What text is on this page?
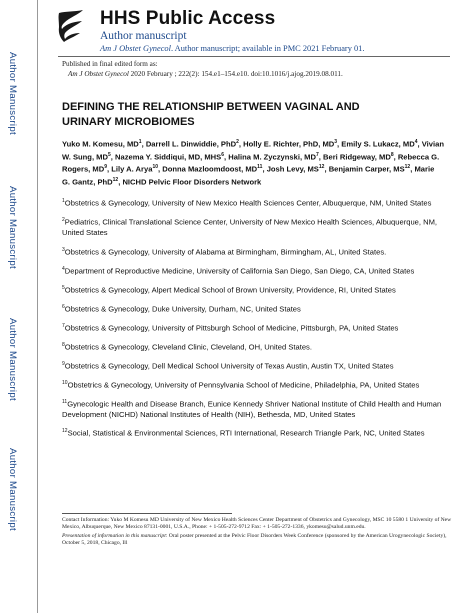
HHS Public Access
Author manuscript
Am J Obstet Gynecol. Author manuscript; available in PMC 2021 February 01.
Published in final edited form as:
Am J Obstet Gynecol 2020 February ; 222(2): 154.e1–154.e10. doi:10.1016/j.ajog.2019.08.011.
Author Manuscript
Author Manuscript
Author Manuscript
Author Manuscript
DEFINING THE RELATIONSHIP BETWEEN VAGINAL AND URINARY MICROBIOMES
Yuko M. Komesu, $MD^1$, Darrell L. Dinwiddie, PhD$^2$, Holly E. Richter, PhD, $MD^3$, Emily S. Lukacz, $MD^4$, Vivian W. Sung, $MD^5$, Nazema Y. Siddiqui, MD, MHS$^6$, Halina M. Zyczynski, $MD^7$, Beri Ridgeway, $MD^8$, Rebecca G. Rogers, $MD^9$, Lily A. Arya$^{10}$, Donna Mazloomdoost, MD$^{11}$, Josh Levy, MS$^{12}$, Benjamin Carper, MS$^{12}$, Marie G. Gantz, PhD$^{12}$, NICHD Pelvic Floor Disorders Network
$^1$Obstetrics & Gynecology, University of New Mexico Health Sciences Center, Albuquerque, NM, United States
$^2$Pediatrics, Clinical Translational Science Center, University of New Mexico Health Sciences, Albuquerque, NM, United States
$^3$Obstetrics & Gynecology, University of Alabama at Birmingham, Birmingham, AL, United States.
$^4$Department of Reproductive Medicine, University of California San Diego, San Diego, CA, United States
$^5$Obstetrics & Gynecology, Alpert Medical School of Brown University, Providence, RI, United States
$^6$Obstetrics & Gynecology, Duke University, Durham, NC, United States
$^7$Obstetrics & Gynecology, University of Pittsburgh School of Medicine, Pittsburgh, PA, United States
$^8$Obstetrics & Gynecology, Cleveland Clinic, Cleveland, OH, United States.
$^9$Obstetrics & Gynecology, Dell Medical School University of Texas Austin, Austin TX, United States
$^{10}$Obstetrics & Gynecology, University of Pennsylvania School of Medicine, Philadelphia, PA, United States
$^{11}$Gynecologic Health and Disease Branch, Eunice Kennedy Shriver National Institute of Child Health and Human Development (NICHD) National Institutes of Health (NIH), Bethesda, MD, United States
$^{12}$Social, Statistical & Environmental Sciences, RTI International, Research Triangle Park, NC, United States

Contact Information: Yuko M Komesu MD University of New Mexico Health Sciences Center Department of Obstetrics and Gynecology, MSC 10 5580 1 University of New Mexico, Albuquerque, New Mexico 87131-0001, U.S.A., Phone: + 1-505-272-9712 Fax: + 1-505-272-1336, ykomesu@salud.unm.edu.

Presentation of information in this manuscript: Oral poster presented at the Pelvic Floor Disorders Week Conference (sponsored by the American Urogynecologic Society), October 5, 2018, Chicago, Ill
